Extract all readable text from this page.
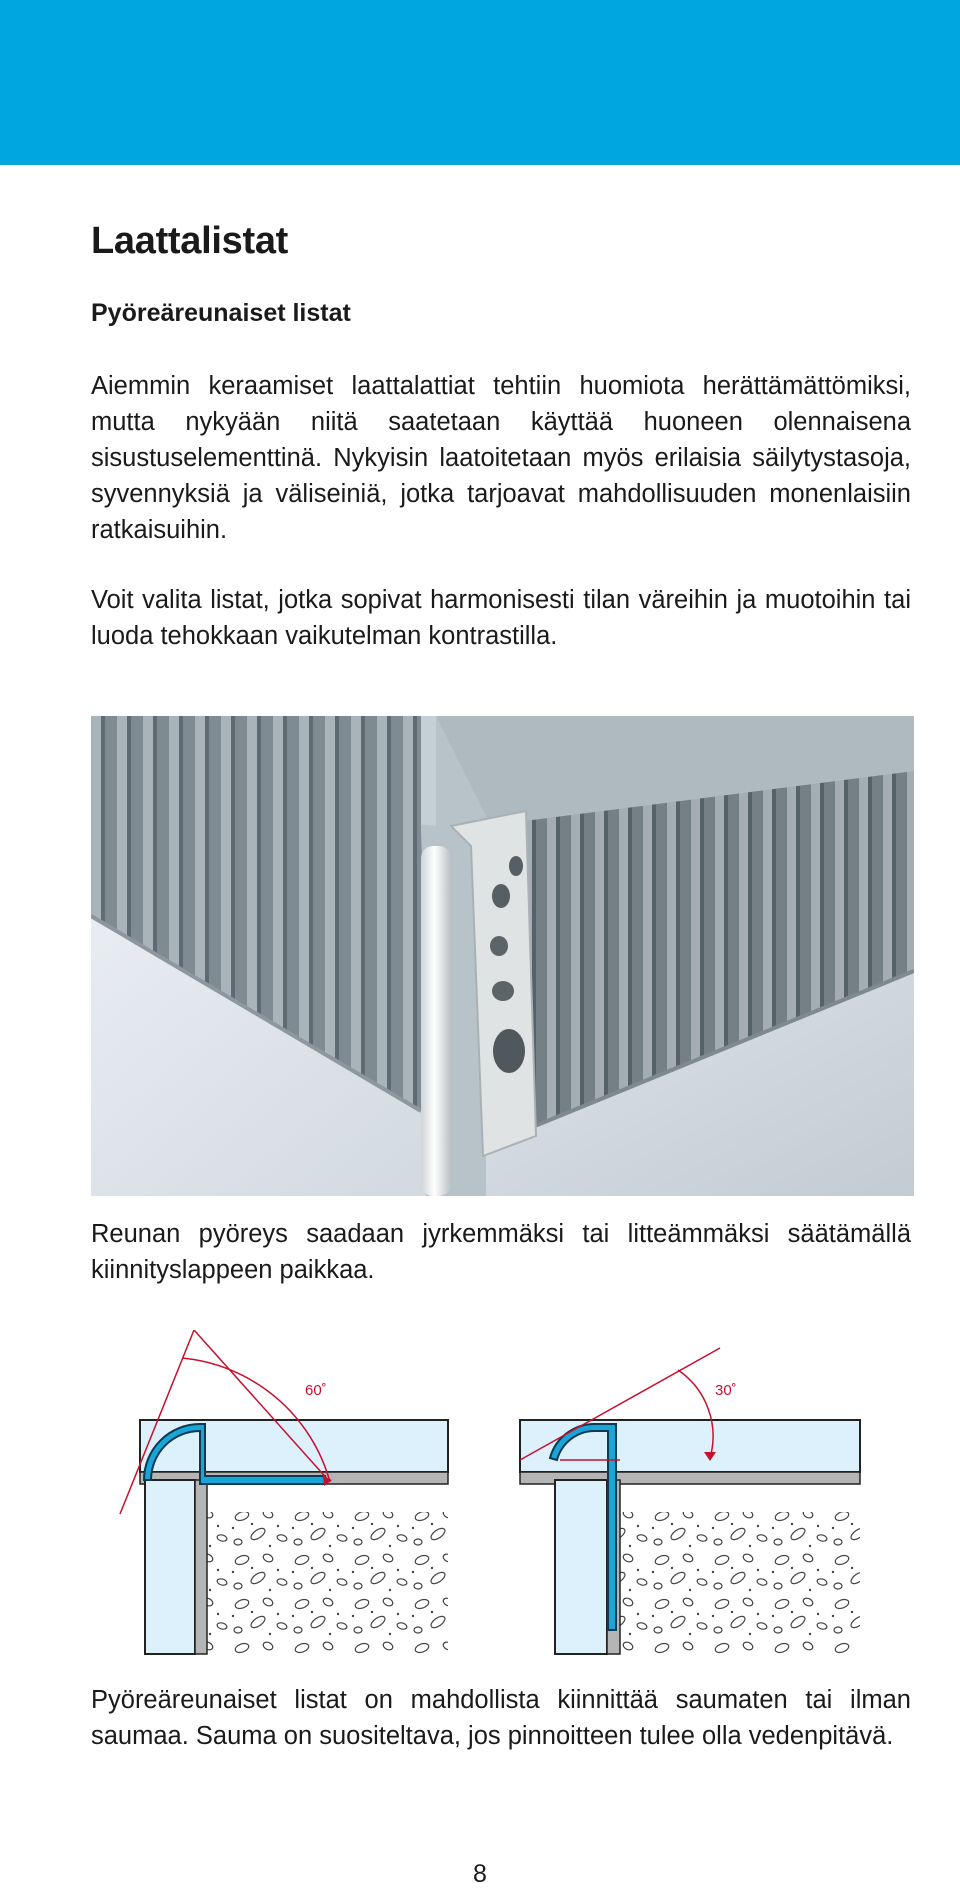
Laattalistat
Pyöreäreunaiset listat

Aiemmin keraamiset laattalattiat tehtiin huomiota herättämättömiksi, mutta nykyään niitä saatetaan käyttää huoneen olennaisena sisustuselementtinä. Nykyisin laatoitetaan myös erilaisia säilytystasoja, syvennyksiä ja väliseiniä, jotka tarjoavat mahdollisuuden monenlaisiin ratkaisuihin.

Voit valita listat, jotka sopivat harmonisesti tilan väreihin ja muotoihin tai luoda tehokkaan vaikutelman kontrastilla.

Reunan pyöreys saadaan jyrkemmäksi tai litteämmäksi säätämällä kiinnityslappeen paikkaa.

60˚	30˚

Pyöreäreunaiset listat on mahdollista kiinnittää saumaten tai ilman saumaa. Sauma on suositeltava, jos pinnoitteen tulee olla vedenpitävä.

8
